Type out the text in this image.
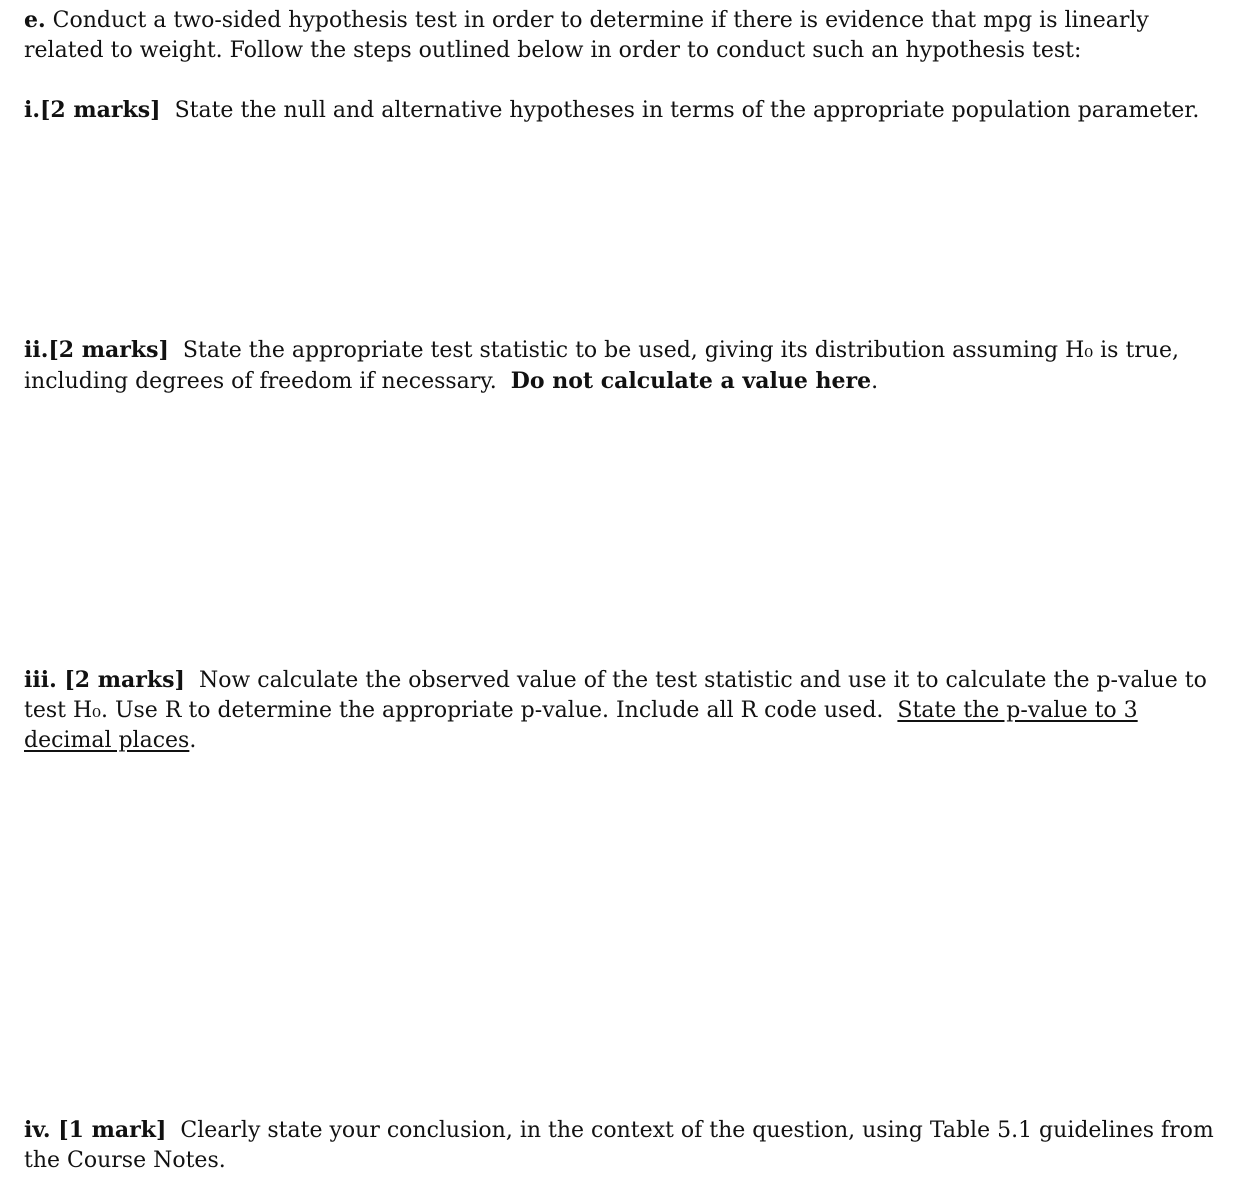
e. Conduct a two-sided hypothesis test in order to determine if there is evidence that mpg is linearly related to weight. Follow the steps outlined below in order to conduct such an hypothesis test:
i.[2 marks] State the null and alternative hypotheses in terms of the appropriate population parameter.
ii.[2 marks] State the appropriate test statistic to be used, giving its distribution assuming H₀ is true, including degrees of freedom if necessary. Do not calculate a value here.
iii. [2 marks] Now calculate the observed value of the test statistic and use it to calculate the p-value to test H₀. Use R to determine the appropriate p-value. Include all R code used. State the p-value to 3 decimal places.
iv. [1 mark] Clearly state your conclusion, in the context of the question, using Table 5.1 guidelines from the Course Notes.
